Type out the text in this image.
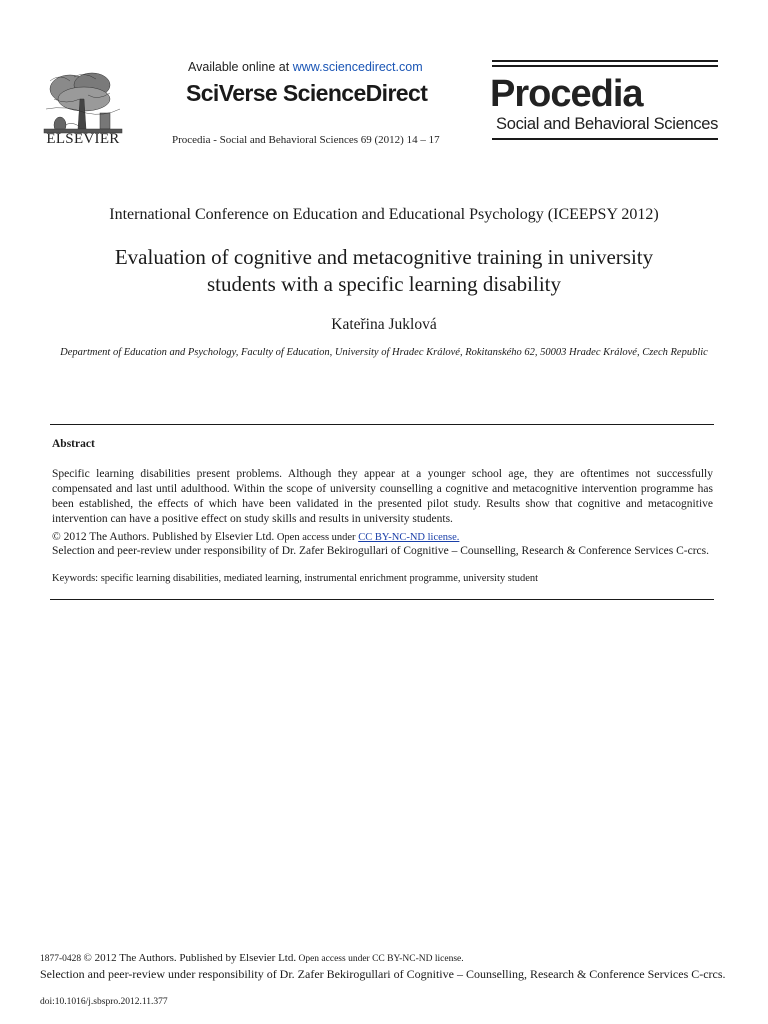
ELSEVIER
Available online at www.sciencedirect.com
SciVerse ScienceDirect
Procedia - Social and Behavioral Sciences 69 (2012) 14 – 17
Procedia
Social and Behavioral Sciences
International Conference on Education and Educational Psychology (ICEEPSY 2012)
Evaluation of cognitive and metacognitive training in university
students with a specific learning disability
Kateřina Juklová
Department of Education and Psychology, Faculty of Education, University of Hradec Králové, Rokitanského 62, 50003 Hradec Králové, Czech Republic
Abstract
Specific learning disabilities present problems. Although they appear at a younger school age, they are oftentimes not successfully compensated and last until adulthood. Within the scope of university counselling a cognitive and metacognitive intervention programme has been established, the effects of which have been validated in the presented pilot study. Results show that cognitive and metacognitive intervention can have a positive effect on study skills and results in university students.
© 2012 The Authors. Published by Elsevier Ltd. Open access under CC BY-NC-ND license.
Selection and peer-review under responsibility of Dr. Zafer Bekirogullari of Cognitive – Counselling, Research & Conference Services C-crcs.
Keywords: specific learning disabilities, mediated learning, instrumental enrichment programme, university student
1877-0428 © 2012 The Authors. Published by Elsevier Ltd. Open access under CC BY-NC-ND license.
Selection and peer-review under responsibility of Dr. Zafer Bekirogullari of Cognitive – Counselling, Research & Conference Services C-crcs.
doi:10.1016/j.sbspro.2012.11.377
